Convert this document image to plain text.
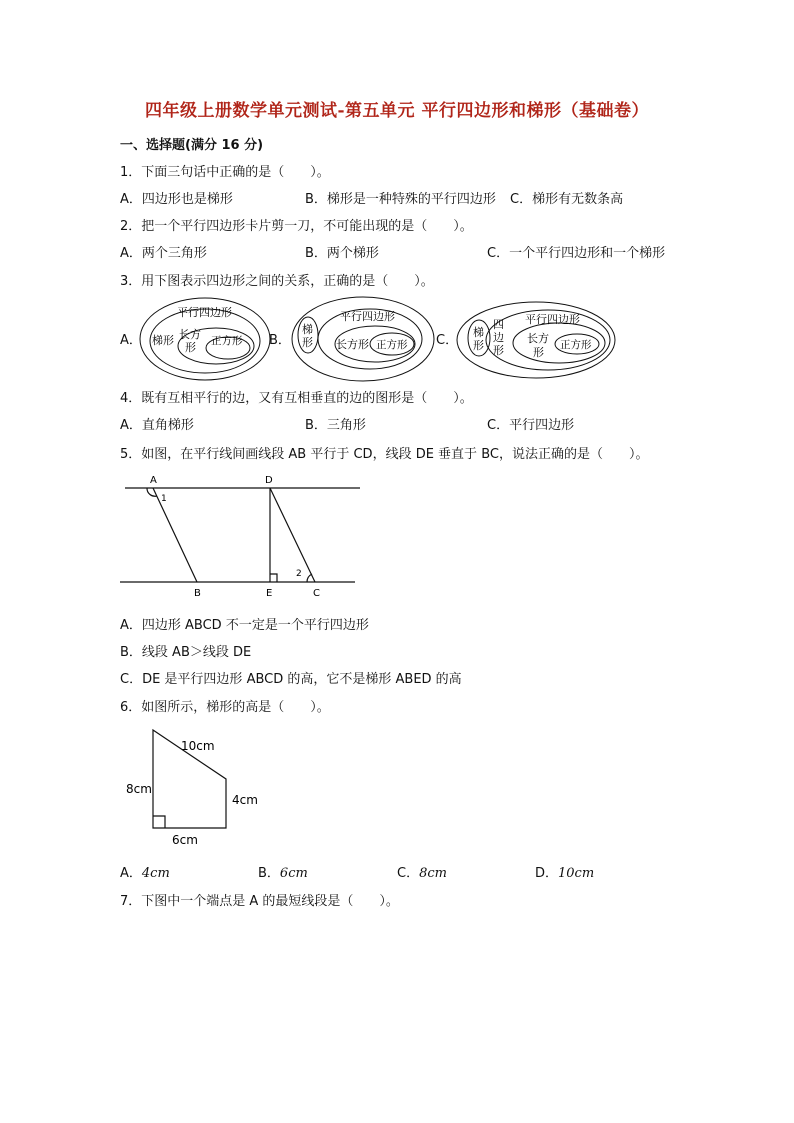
四年级上册数学单元测试-第五单元 平行四边形和梯形（基础卷）
一、选择题(满分 16 分)
1．下面三句话中正确的是（　　）。
A．四边形也是梯形	B．梯形是一种特殊的平行四边形 C．梯形有无数条高
2．把一个平行四边形卡片剪一刀，不可能出现的是（　　）。
A．两个三角形	B．两个梯形	C．一个平行四边形和一个梯形
3．用下图表示四边形之间的关系，正确的是（　　）。
A．	B．	C．
平行四边形
梯形 长方
形 正方形
梯
形
平行四边形
长方形 正方形
梯
形
四
边
形
平行四边形
长方
形
正方形
4．既有互相平行的边，又有互相垂直的边的图形是（　　）。
A．直角梯形	B．三角形	C．平行四边形
5．如图，在平行线间画线段 AB 平行于 CD，线段 DE 垂直于 BC，说法正确的是（　　）。
A	D
B	E	C
1
2
A．四边形 ABCD 不一定是一个平行四边形
B．线段 AB＞线段 DE
C．DE 是平行四边形 ABCD 的高，它不是梯形 ABED 的高
6．如图所示，梯形的高是（　　）。
10cm
8cm
4cm
6cm
A．4cm	B．6cm	C．8cm	D．10cm
7．下图中一个端点是 A 的最短线段是（　　）。
